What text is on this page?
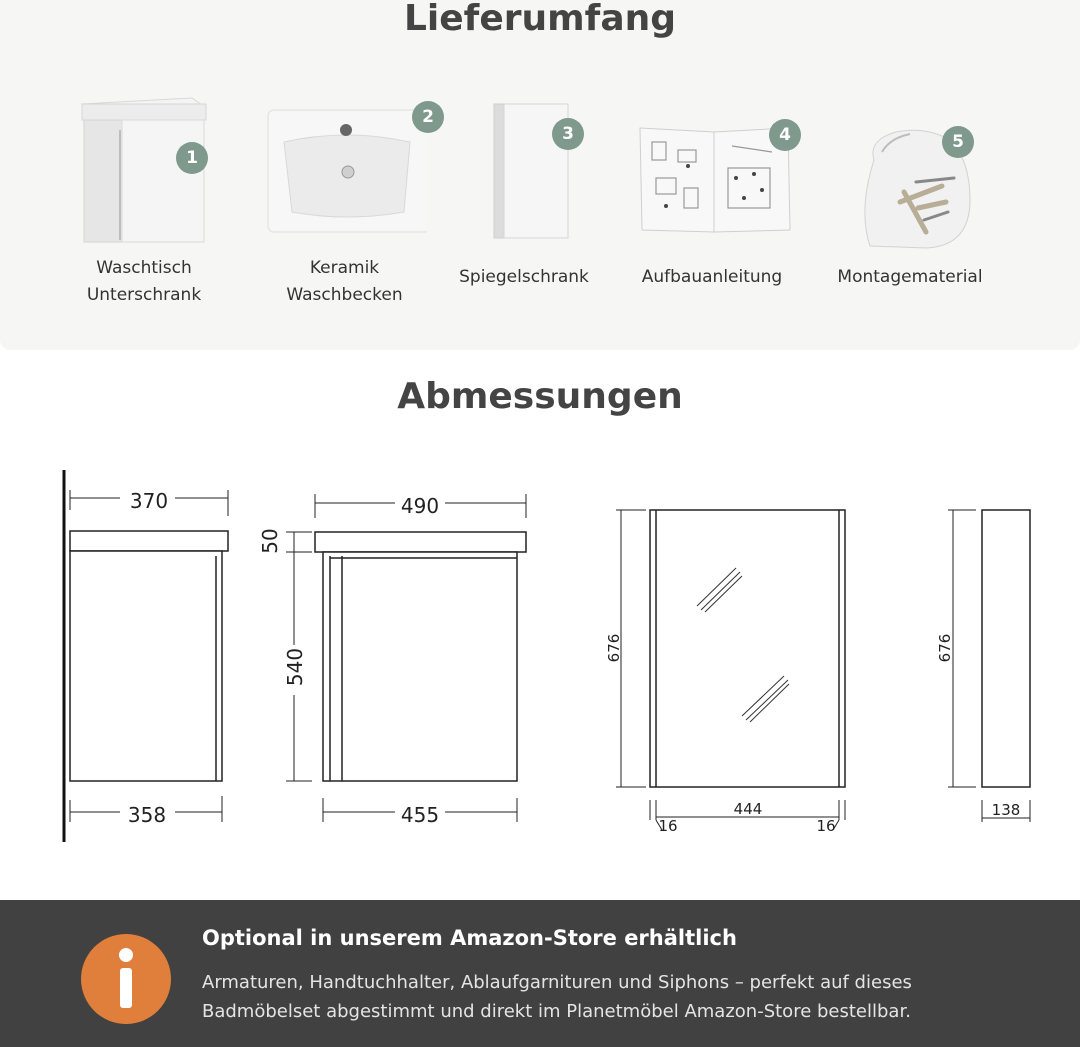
Lieferumfang
1
Waschtisch
Unterschrank
2
Keramik
Waschbecken
3
Spiegelschrank
4
Aufbauanleitung
5
Montagematerial
Abmessungen
370
358
490
455
50
540	676
444
16	16
676
138
Optional in unserem Amazon-Store erhältlich
Armaturen, Handtuchhalter, Ablaufgarnituren und Siphons – perfekt auf dieses
Badmöbelset abgestimmt und direkt im Planetmöbel Amazon-Store bestellbar.
